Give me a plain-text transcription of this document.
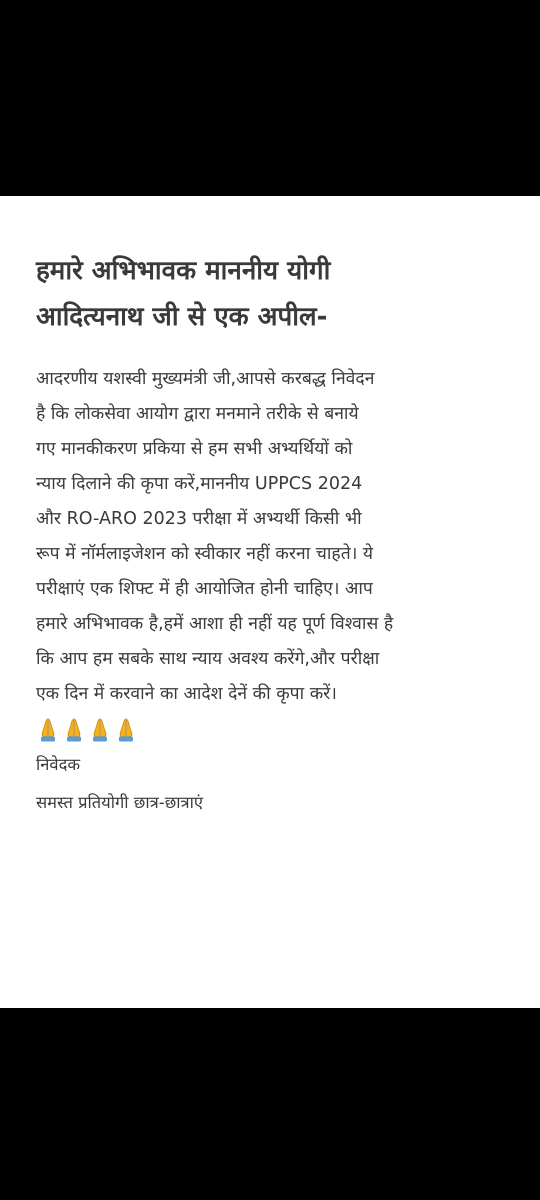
हमारे अभिभावक माननीय योगी
आदित्यनाथ जी से एक अपील-
आदरणीय यशस्वी मुख्यमंत्री जी,आपसे करबद्ध निवेदन
है कि लोकसेवा आयोग द्वारा मनमाने तरीके से बनाये
गए मानकीकरण प्रकिया से हम सभी अभ्यर्थियों को
न्याय दिलाने की कृपा करें,माननीय UPPCS 2024
और RO-ARO 2023 परीक्षा में अभ्यर्थी किसी भी
रूप में नॉर्मलाइजेशन को स्वीकार नहीं करना चाहते। ये
परीक्षाएं एक शिफ्ट में ही आयोजित होनी चाहिए। आप
हमारे अभिभावक है,हमें आशा ही नहीं यह पूर्ण विश्वास है
कि आप हम सबके साथ न्याय अवश्य करेंगे,और परीक्षा
एक दिन में करवाने का आदेश देनें की कृपा करें।
निवेदक
समस्त प्रतियोगी छात्र-छात्राएं
